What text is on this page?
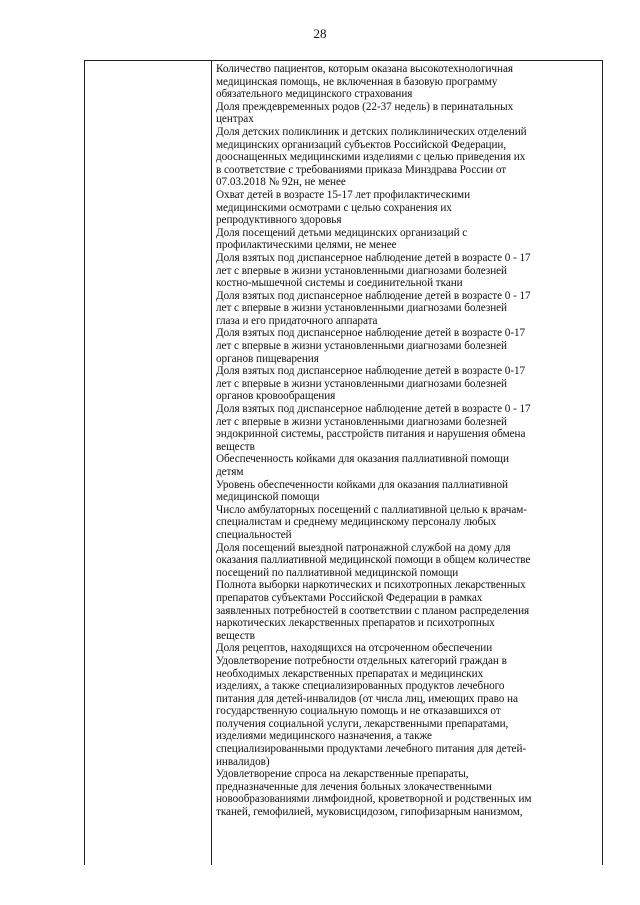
28

Количество пациентов, которым оказана высокотехнологичная
медицинская помощь, не включенная в базовую программу
обязательного медицинского страхования

Доля преждевременных родов (22-37 недель) в перинатальных
центрах

Доля детских поликлиник и детских поликлинических отделений
медицинских организаций субъектов Российской Федерации,
дооснащенных медицинскими изделиями с целью приведения их
в соответствие с требованиями приказа Минздрава России от
07.03.2018 № 92н, не менее

Охват детей в возрасте 15-17 лет профилактическими
медицинскими осмотрами с целью сохранения их
репродуктивного здоровья

Доля посещений детьми медицинских организаций с
профилактическими целями, не менее

Доля взятых под диспансерное наблюдение детей в возрасте 0 - 17
лет с впервые в жизни установленными диагнозами болезней
костно-мышечной системы и соединительной ткани

Доля взятых под диспансерное наблюдение детей в возрасте 0 - 17
лет с впервые в жизни установленными диагнозами болезней
глаза и его придаточного аппарата

Доля взятых под диспансерное наблюдение детей в возрасте 0-17
лет с впервые в жизни установленными диагнозами болезней
органов пищеварения

Доля взятых под диспансерное наблюдение детей в возрасте 0-17
лет с впервые в жизни установленными диагнозами болезней
органов кровообращения

Доля взятых под диспансерное наблюдение детей в возрасте 0 - 17
лет с впервые в жизни установленными диагнозами болезней
эндокринной системы, расстройств питания и нарушения обмена
веществ

Обеспеченность койками для оказания паллиативной помощи
детям

Уровень обеспеченности койками для оказания паллиативной
медицинской помощи

Число амбулаторных посещений с паллиативной целью к врачам-
специалистам и среднему медицинскому персоналу любых
специальностей

Доля посещений выездной патронажной службой на дому для
оказания паллиативной медицинской помощи в общем количестве
посещений по паллиативной медицинской помощи

Полнота выборки наркотических и психотропных лекарственных
препаратов субъектами Российской Федерации в рамках
заявленных потребностей в соответствии с планом распределения
наркотических лекарственных препаратов и психотропных
веществ

Доля рецептов, находящихся на отсроченном обеспечении

Удовлетворение потребности отдельных категорий граждан в
необходимых лекарственных препаратах и медицинских
изделиях, а также специализированных продуктов лечебного
питания для детей-инвалидов (от числа лиц, имеющих право на
государственную социальную помощь и не отказавшихся от
получения социальной услуги, лекарственными препаратами,
изделиями медицинского назначения, а также
специализированными продуктами лечебного питания для детей-
инвалидов)

Удовлетворение спроса на лекарственные препараты,
предназначенные для лечения больных злокачественными
новообразованиями лимфоидной, кроветворной и родственных им
тканей, гемофилией, муковисцидозом, гипофизарным нанизмом,
